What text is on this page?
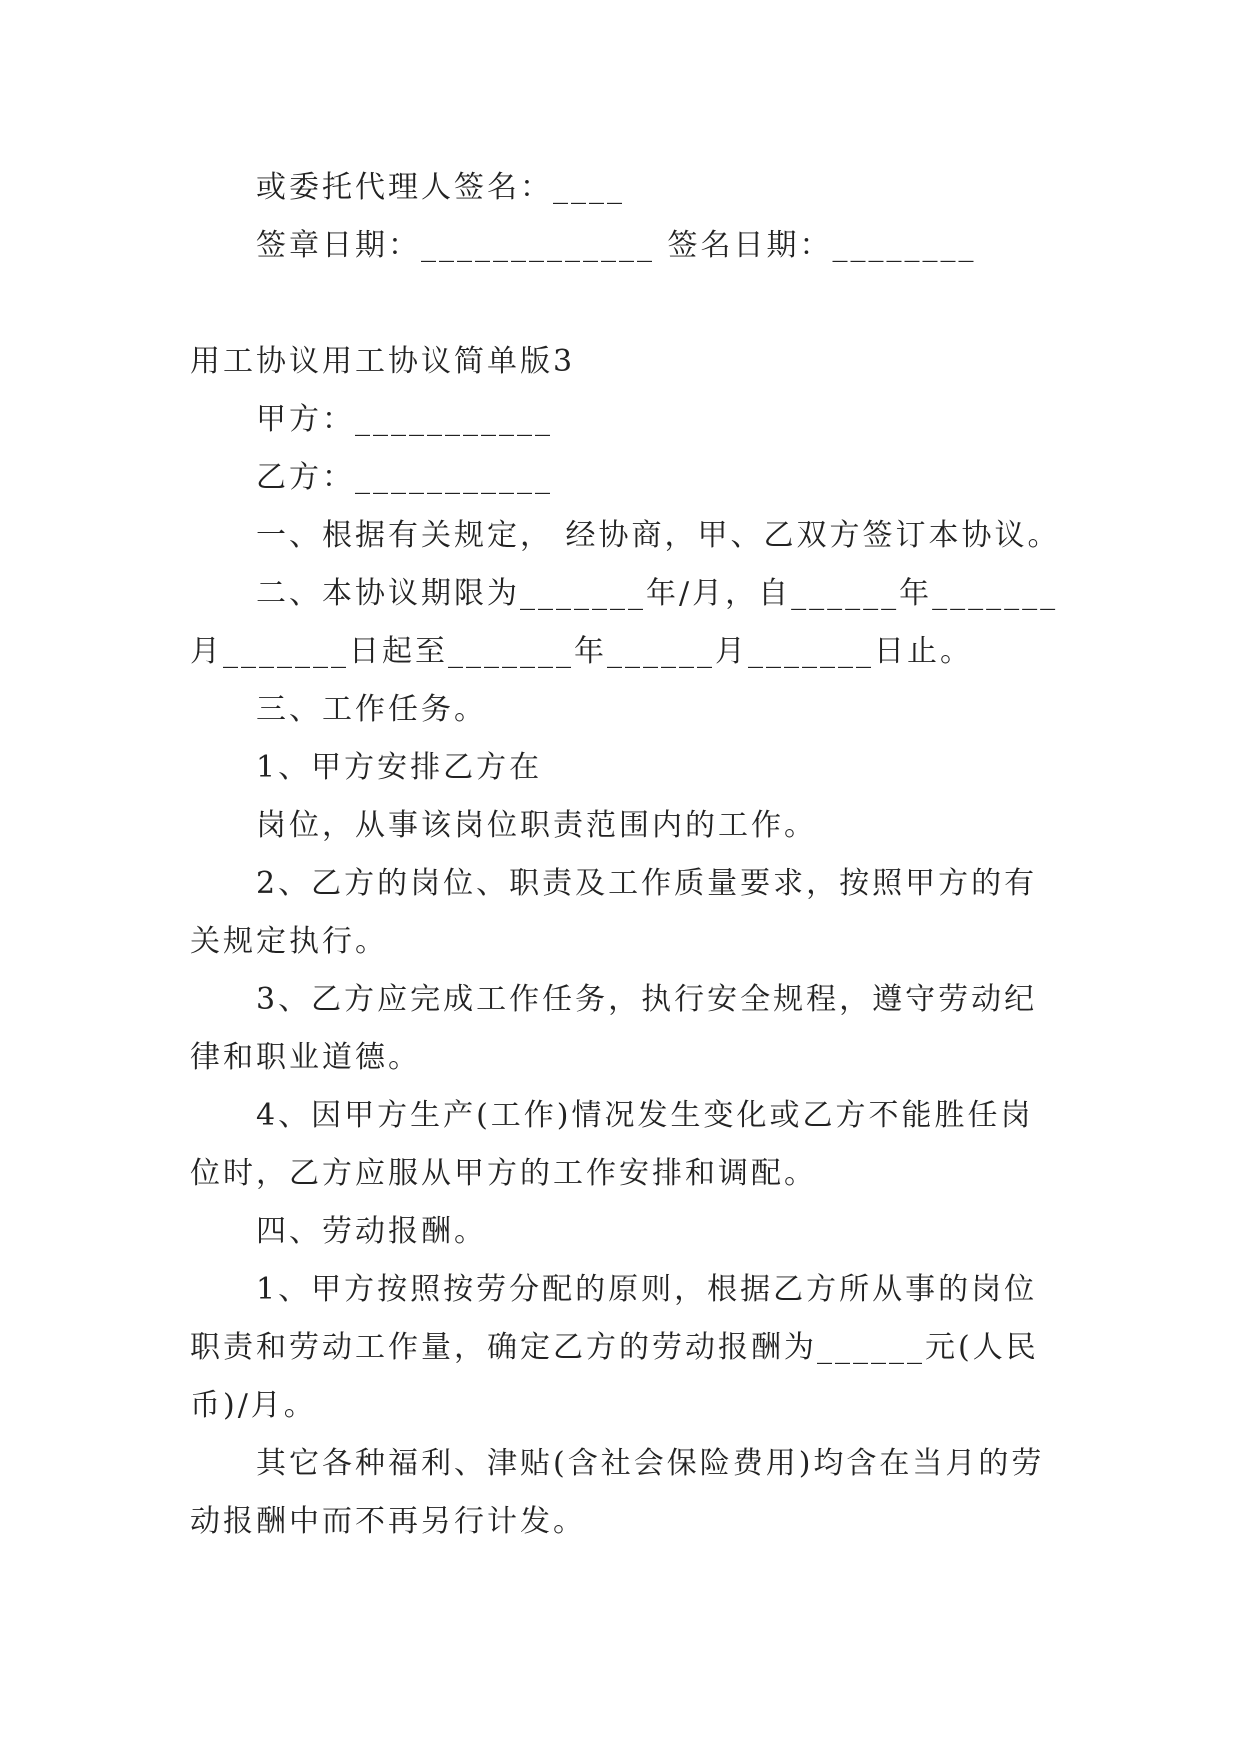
或委托代理人签名：____
签章日期：_____________ 签名日期：________
用工协议用工协议简单版3
甲方：___________
乙方：___________
一、根据有关规定， 经协商，甲、乙双方签订本协议。
二、本协议期限为_______年/月，自______年_______
月_______日起至_______年______月_______日止。
三、工作任务。
1、甲方安排乙方在
岗位，从事该岗位职责范围内的工作。
2、乙方的岗位、职责及工作质量要求，按照甲方的有
关规定执行。
3、乙方应完成工作任务，执行安全规程，遵守劳动纪
律和职业道德。
4、因甲方生产(工作)情况发生变化或乙方不能胜任岗
位时，乙方应服从甲方的工作安排和调配。
四、劳动报酬。
1、甲方按照按劳分配的原则，根据乙方所从事的岗位
职责和劳动工作量，确定乙方的劳动报酬为______元(人民
币)/月。
其它各种福利、津贴(含社会保险费用)均含在当月的劳
动报酬中而不再另行计发。
